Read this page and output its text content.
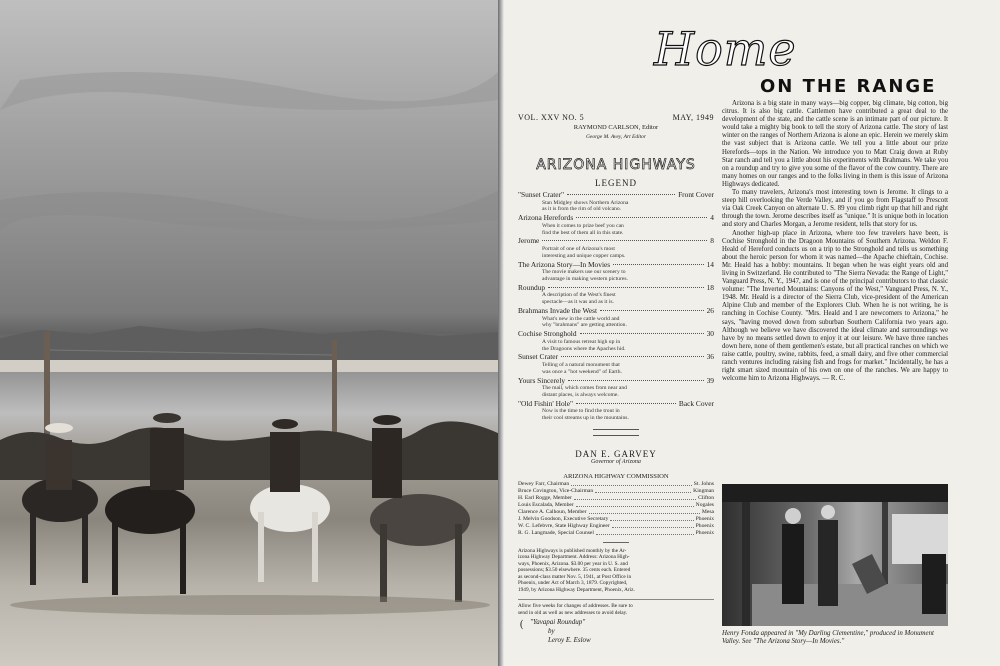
Home
ON THE RANGE
VOL. XXV NO. 5	MAY, 1949
RAYMOND CARLSON, Editor
George M. Avey, Art Editor
ARIZONA HIGHWAYS
LEGEND
"Sunset Crater"	Front Cover
Stan Midgley shows Northern Arizona
as it is from the rim of old volcano.
Arizona Herefords	4
When it comes to prize beef you can
find the best of them all in this state.
Jerome	8
Portrait of one of Arizona's most
interesting and unique copper camps.
The Arizona Story—In Movies	14
The movie makers use our scenery to
advantage in making western pictures.
Roundup	18
A description of the West's finest
spectacle—as it was and as it is.
Brahmans Invade the West	26
What's new in the cattle world and
why "brahmans" are getting attention.
Cochise Stronghold	30
A visit to famous retreat high up in
the Dragoons where the Apaches hid.
Sunset Crater	36
Telling of a natural monument that
was once a "hot weekend" of Earth.
Yours Sincerely	39
The mail, which comes from near and
distant places, is always welcome.
"Old Fishin' Hole"	Back Cover
Now is the time to find the trout in
their cool streams up in the mountains.
DAN E. GARVEY
Governor of Arizona
ARIZONA HIGHWAY COMMISSION
Dewey Farr, Chairman	St. Johns
Bruce Covington, Vice-Chairman	Kingman
H. Earl Rogge, Member	Clifton
Louis Escalada, Member	Nogales
Clarence A. Calhoun, Member	Mesa
J. Melvin Goodson, Executive Secretary	Phoenix
W. C. Lefebvre, State Highway Engineer	Phoenix
R. G. Langmade, Special Counsel	Phoenix
Arizona Highways is published monthly by the Ar-
izona Highway Department. Address: Arizona High-
ways, Phoenix, Arizona. $3.00 per year in U. S. and
possessions; $3.50 elsewhere. 35 cents each. Entered
as second-class matter Nov. 5, 1941, at Post Office in
Phoenix, under Act of March 3, 1879. Copyrighted,
1949, by Arizona Highway Department, Phoenix, Ariz.
Allow five weeks for changes of addresses. Be sure to
send in old as well as new addresses to avoid delay.
( "Yavapai Roundup"
by
Leroy E. Eslow

Arizona is a big state in many ways—big copper, big climate, big cotton, big citrus. It is also big cattle. Cattlemen have contributed a great deal to the development of the state, and the cattle scene is an intimate part of our picture. It would take a mighty big book to tell the story of Arizona cattle. The story of last winter on the ranges of Northern Arizona is alone an epic. Herein we merely skim the vast subject that is Arizona cattle. We tell you a little about our prize Herefords—tops in the Nation. We introduce you to Matt Craig down at Ruby Star ranch and tell you a little about his experiments with Brahmans. We take you on a roundup and try to give you some of the flavor of the cow country. There are many homes on our ranges and to the folks living in them is this issue of Arizona Highways dedicated.

To many travelers, Arizona's most interesting town is Jerome. It clings to a steep hill overlooking the Verde Valley, and if you go from Flagstaff to Prescott via Oak Creek Canyon on alternate U. S. 89 you climb right up that hill and right through the town. Jerome describes itself as "unique." It is unique both in location and story and Charles Morgan, a Jerome resident, tells that story for us.

Another high-up place in Arizona, where too few travelers have been, is Cochise Stronghold in the Dragoon Mountains of Southern Arizona. Weldon F. Heald of Hereford conducts us on a trip to the Stronghold and tells us something about the heroic person for whom it was named—the Apache chieftain, Cochise. Mr. Heald has a hobby: mountains. It began when he was eight years old and living in Switzerland. He contributed to "The Sierra Nevada: the Range of Light," Vanguard Press, N. Y., 1947, and is one of the principal contributors to that classic volume: "The Inverted Mountains: Canyons of the West," Vanguard Press, N. Y., 1948. Mr. Heald is a director of the Sierra Club, vice-president of the American Alpine Club and member of the Explorers Club. When he is not writing, he is ranching in Cochise County. "Mrs. Heald and I are newcomers to Arizona," he says, "having moved down from suburban Southern California two years ago. Although we believe we have discovered the ideal climate and surroundings we have by no means settled down to enjoy it at our leisure. We have three ranches down here, none of them gentlemen's estate, but all practical ranches on which we raise cattle, poultry, swine, rabbits, feed, a small dairy, and five other commercial ranch ventures including raising fish and frogs for market." Incidentally, he has a right smart sized mountain of his own on one of the ranches. We are happy to welcome him to Arizona Highways. — R. C.

Henry Fonda appeared in "My Darling Clementine," produced in Monument Valley. See "The Arizona Story—In Movies."
